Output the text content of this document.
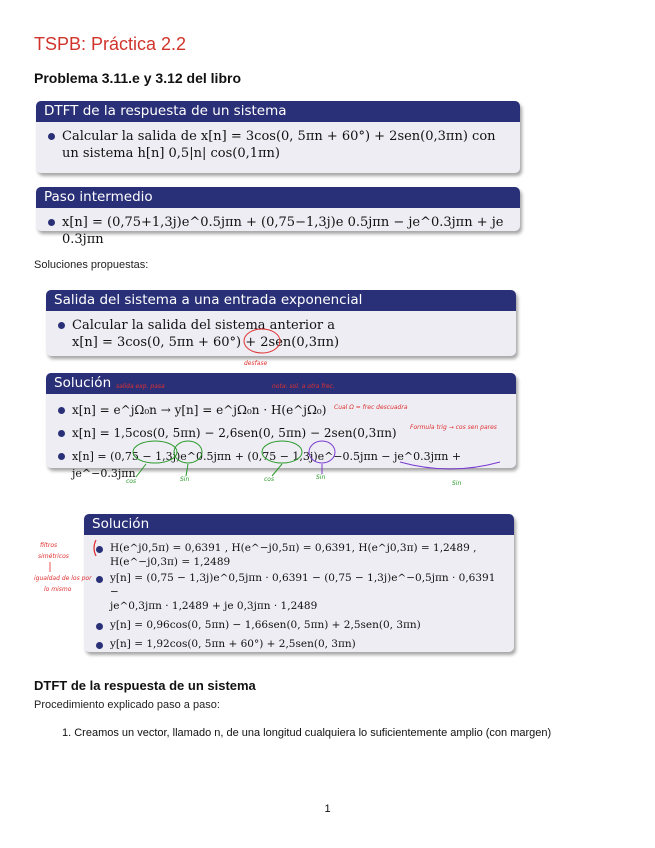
TSPB: Práctica 2.2
Problema 3.11.e y 3.12 del libro
DTFT de la respuesta de un sistema
Calcular la salida de x[n] = 3cos(0, 5πn + 60°) + 2sen(0,3πn) con
un sistema h[n] 0,5|n| cos(0,1πn)
Paso intermedio
x[n] = (0,75+1,3j)e^0.5jπn + (0,75−1,3j)e 0.5jπn − je^0.3jπn + je 0.3jπn
Soluciones propuestas:
Salida del sistema a una entrada exponencial
Calcular la salida del sistema anterior a
x[n] = 3cos(0, 5πn + 60°) + 2sen(0,3πn)
desfase
Solución
x[n] = e^jΩ₀n → y[n] = e^jΩ₀n · H(e^jΩ₀)
x[n] = 1,5cos(0, 5πn) − 2,6sen(0, 5πn) − 2sen(0,3πn)
x[n] = (0,75 − 1,3j)e^0.5jπn + (0,75 − 1,3j)e^−0.5jπn − je^0.3jπn + je^−0.3jπn
salida exp. pasa	nota: sol. a otra frec.
Cual Ω = frec descuadra
Formula trig → cos sen pares
cos	Sin	cos	Sin
Sin
Solución
H(e^j0,5π) = 0,6391 , H(e^−j0,5π) = 0,6391, H(e^j0,3π) = 1,2489 ,
H(e^−j0,3π) = 1,2489
y[n] = (0,75 − 1,3j)e^0,5jπn · 0,6391 − (0,75 − 1,3j)e^−0,5jπn · 0,6391 −
je^0,3jπn · 1,2489 + je 0,3jπn · 1,2489
y[n] = 0,96cos(0, 5πn) − 1,66sen(0, 5πn) + 2,5sen(0, 3πn)
y[n] = 1,92cos(0, 5πn + 60°) + 2,5sen(0, 3πn)
filtros
simétricos
igualdad de los por
lo mismo
DTFT de la respuesta de un sistema
Procedimiento explicado paso a paso:
1. Creamos un vector, llamado n, de una longitud cualquiera lo suficientemente amplio (con margen)
1
